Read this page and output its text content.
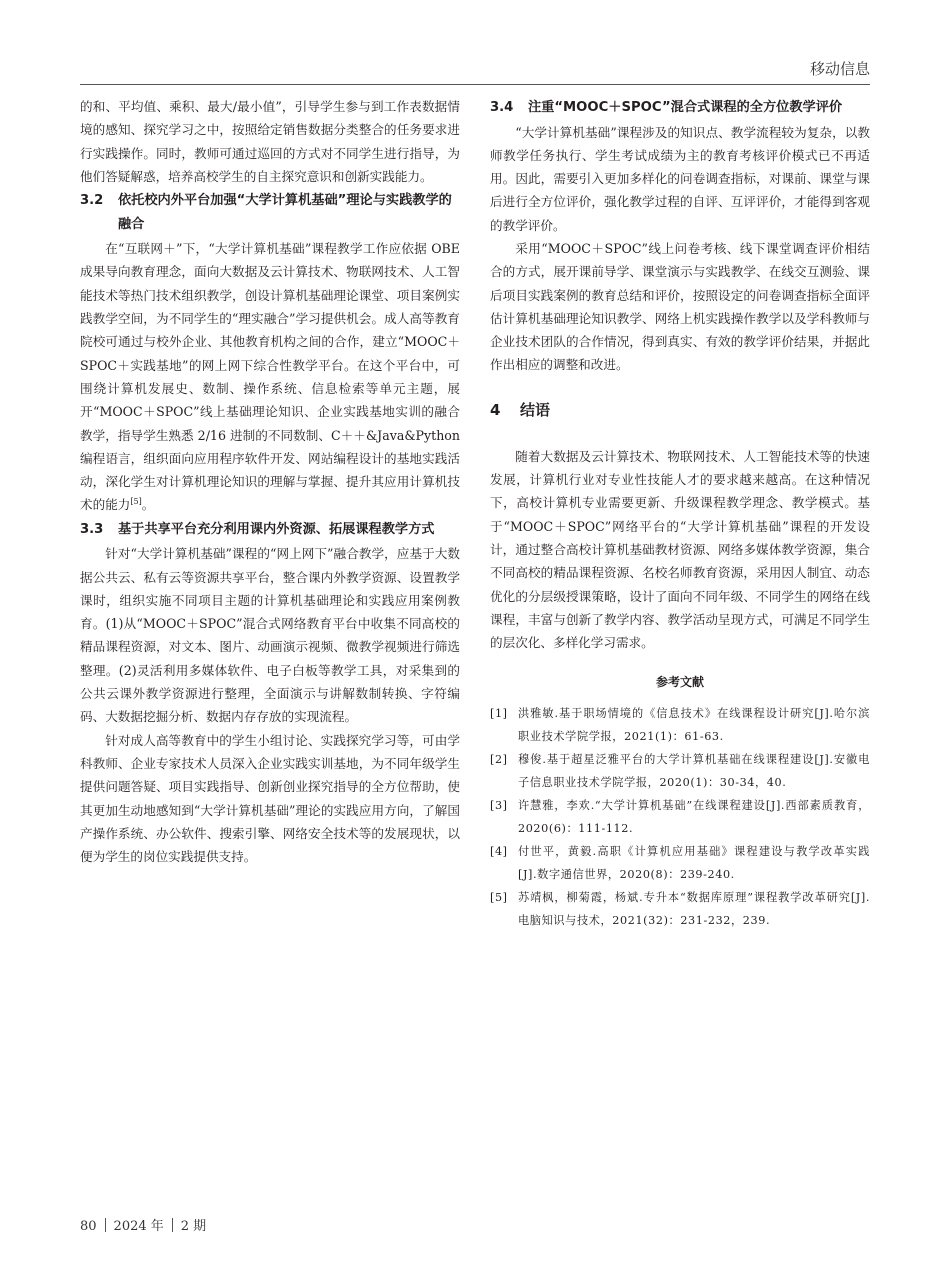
移动信息

的和、平均值、乘积、最大/最小值”，引导学生参与到工作表数据情境的感知、探究学习之中，按照给定销售数据分类整合的任务要求进行实践操作。同时，教师可通过巡回的方式对不同学生进行指导，为他们答疑解惑，培养高校学生的自主探究意识和创新实践能力。

3.2	依托校内外平台加强“大学计算机基础”理论与实践教学的融合

在“互联网＋”下，“大学计算机基础”课程教学工作应依据 OBE 成果导向教育理念，面向大数据及云计算技术、物联网技术、人工智能技术等热门技术组织教学，创设计算机基础理论课堂、项目案例实践教学空间，为不同学生的“理实融合”学习提供机会。成人高等教育院校可通过与校外企业、其他教育机构之间的合作，建立“MOOC＋SPOC＋实践基地”的网上网下综合性教学平台。在这个平台中，可围绕计算机发展史、数制、操作系统、信息检索等单元主题，展开“MOOC＋SPOC”线上基础理论知识、企业实践基地实训的融合教学，指导学生熟悉 2/16 进制的不同数制、C＋＋&Java&Python 编程语言，组织面向应用程序软件开发、网站编程设计的基地实践活动，深化学生对计算机理论知识的理解与掌握、提升其应用计算机技术的能力[5]。

3.3	基于共享平台充分利用课内外资源、拓展课程教学方式

针对“大学计算机基础”课程的“网上网下”融合教学，应基于大数据公共云、私有云等资源共享平台，整合课内外教学资源、设置教学课时，组织实施不同项目主题的计算机基础理论和实践应用案例教育。(1)从“MOOC＋SPOC”混合式网络教育平台中收集不同高校的精品课程资源，对文本、图片、动画演示视频、微教学视频进行筛选整理。(2)灵活利用多媒体软件、电子白板等教学工具，对采集到的公共云课外教学资源进行整理，全面演示与讲解数制转换、字符编码、大数据挖掘分析、数据内存存放的实现流程。

针对成人高等教育中的学生小组讨论、实践探究学习等，可由学科教师、企业专家技术人员深入企业实践实训基地，为不同年级学生提供问题答疑、项目实践指导、创新创业探究指导的全方位帮助，使其更加生动地感知到“大学计算机基础”理论的实践应用方向，了解国产操作系统、办公软件、搜索引擎、网络安全技术等的发展现状，以便为学生的岗位实践提供支持。

3.4	注重“MOOC＋SPOC”混合式课程的全方位教学评价

“大学计算机基础”课程涉及的知识点、教学流程较为复杂，以教师教学任务执行、学生考试成绩为主的教育考核评价模式已不再适用。因此，需要引入更加多样化的问卷调查指标，对课前、课堂与课后进行全方位评价，强化教学过程的自评、互评评价，才能得到客观的教学评价。

采用“MOOC＋SPOC”线上问卷考核、线下课堂调查评价相结合的方式，展开课前导学、课堂演示与实践教学、在线交互测验、课后项目实践案例的教育总结和评价，按照设定的问卷调查指标全面评估计算机基础理论知识教学、网络上机实践操作教学以及学科教师与企业技术团队的合作情况，得到真实、有效的教学评价结果，并据此作出相应的调整和改进。

4	结语

随着大数据及云计算技术、物联网技术、人工智能技术等的快速发展，计算机行业对专业性技能人才的要求越来越高。在这种情况下，高校计算机专业需要更新、升级课程教学理念、教学模式。基于“MOOC＋SPOC”网络平台的“大学计算机基础”课程的开发设计，通过整合高校计算机基础教材资源、网络多媒体教学资源，集合不同高校的精品课程资源、名校名师教育资源，采用因人制宜、动态优化的分层级授课策略，设计了面向不同年级、不同学生的网络在线课程，丰富与创新了教学内容、教学活动呈现方式，可满足不同学生的层次化、多样化学习需求。

参考文献
[1] 洪雅敏.基于职场情境的《信息技术》在线课程设计研究[J].哈尔滨职业技术学院学报，2021(1)：61-63.
[2] 穆俊.基于超星泛雅平台的大学计算机基础在线课程建设[J].安徽电子信息职业技术学院学报，2020(1)：30-34，40.
[3] 许慧雅，李欢.“大学计算机基础”在线课程建设[J].西部素质教育，2020(6)：111-112.
[4] 付世平，黄毅.高职《计算机应用基础》课程建设与教学改革实践[J].数字通信世界，2020(8)：239-240.
[5] 苏靖枫，柳菊霞，杨斌.专升本“数据库原理”课程教学改革研究[J].电脑知识与技术，2021(32)：231-232，239.
80 2024 年 2 期
